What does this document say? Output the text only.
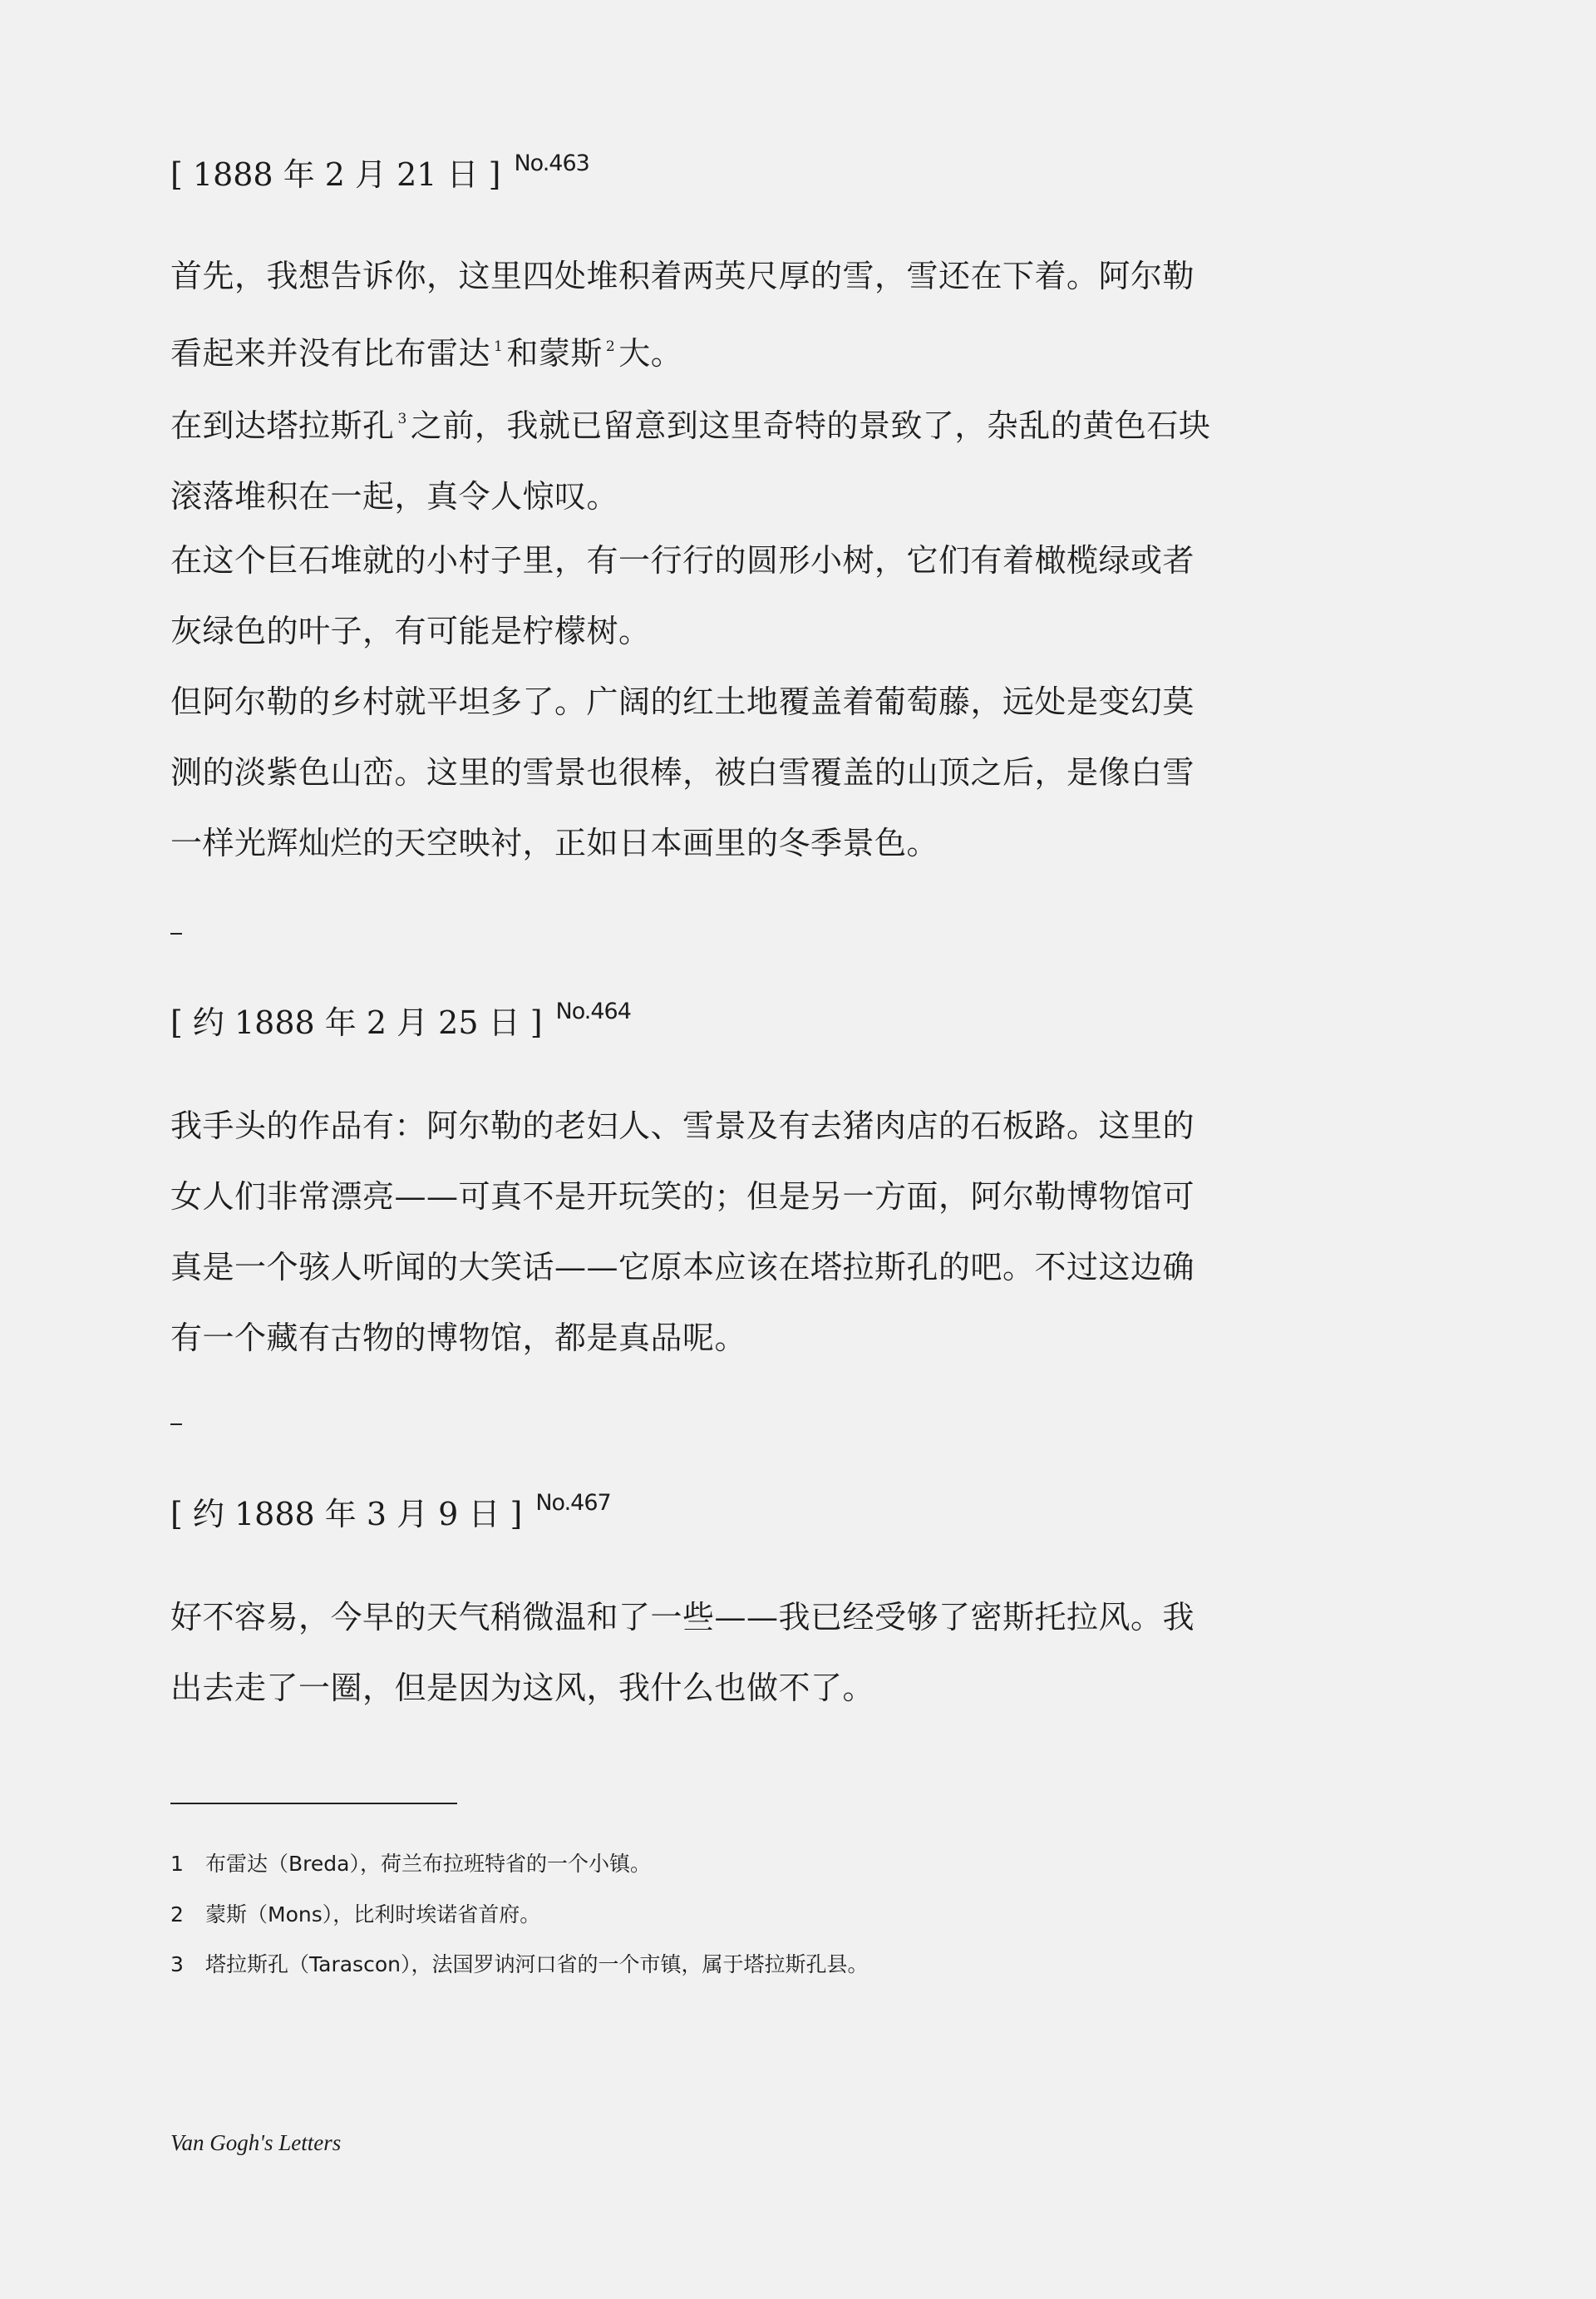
[ 1888 年 2 月 21 日 ] $^{No.463}$

首先，我想告诉你，这里四处堆积着两英尺厚的雪，雪还在下着。阿尔勒看起来并没有比布雷达 $^1$ 和蒙斯 $^2$ 大。

在到达塔拉斯孔 $^3$ 之前，我就已留意到这里奇特的景致了，杂乱的黄色石块滚落堆积在一起，真令人惊叹。

在这个巨石堆就的小村子里，有一行行的圆形小树，它们有着橄榄绿或者灰绿色的叶子，有可能是柠檬树。

但阿尔勒的乡村就平坦多了。广阔的红土地覆盖着葡萄藤，远处是变幻莫测的淡紫色山峦。这里的雪景也很棒，被白雪覆盖的山顶之后，是像白雪一样光辉灿烂的天空映衬，正如日本画里的冬季景色。

[ 约 1888 年 2 月 25 日 ] $^{No.464}$

我手头的作品有：阿尔勒的老妇人、雪景及有去猪肉店的石板路。这里的女人们非常漂亮——可真不是开玩笑的；但是另一方面，阿尔勒博物馆可真是一个骇人听闻的大笑话——它原本应该在塔拉斯孔的吧。不过这边确有一个藏有古物的博物馆，都是真品呢。

[ 约 1888 年 3 月 9 日 ] $^{No.467}$

好不容易，今早的天气稍微温和了一些——我已经受够了密斯托拉风。我出去走了一圈，但是因为这风，我什么也做不了。

1 布雷达（Breda），荷兰布拉班特省的一个小镇。
2 蒙斯（Mons），比利时埃诺省首府。
3 塔拉斯孔（Tarascon），法国罗讷河口省的一个市镇，属于塔拉斯孔县。
Van Gogh's Letters
